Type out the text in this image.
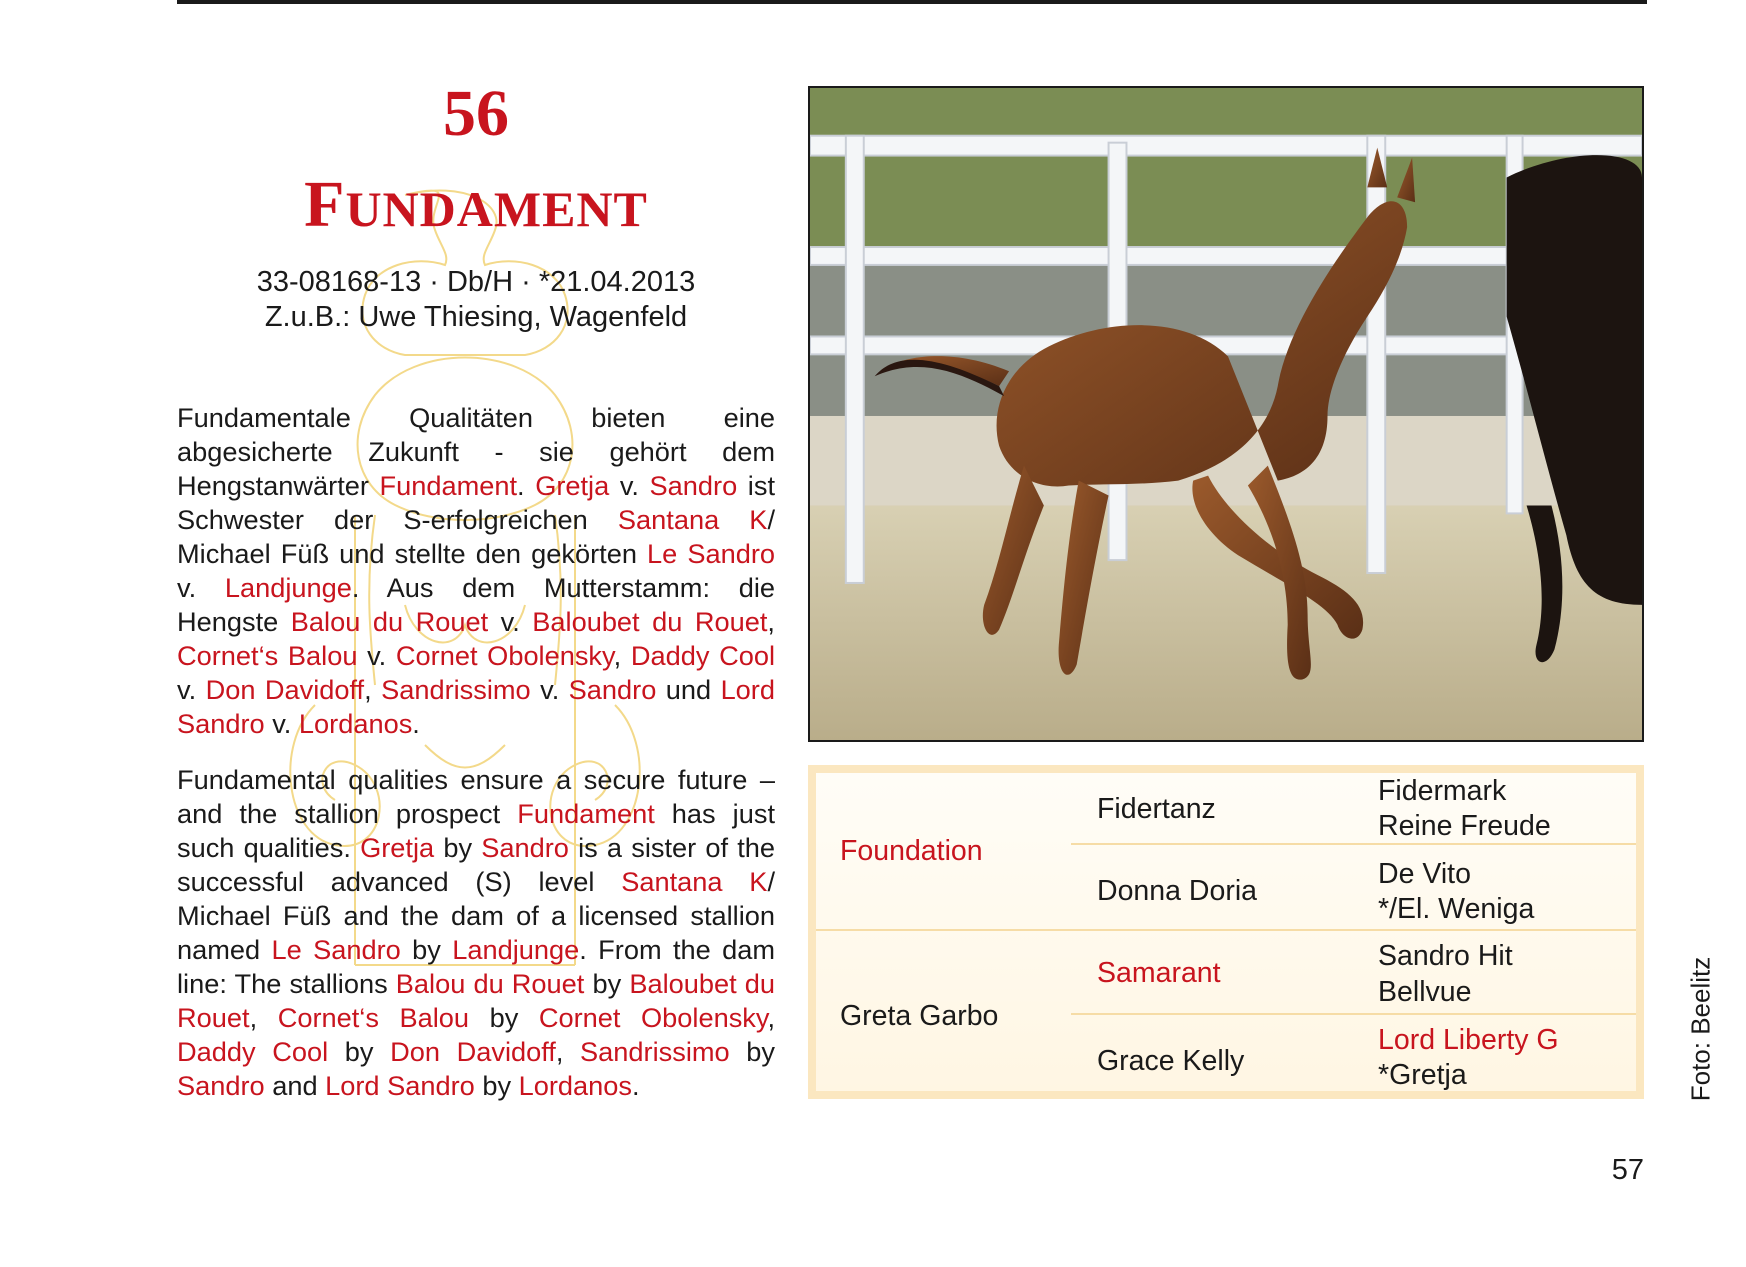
56
FUNDAMENT
33-08168-13 · Db/H · *21.04.2013
Z.u.B.: Uwe Thiesing, Wagenfeld
Fundamentale Qualitäten bieten eine abgesicherte Zukunft - sie gehört dem Hengstanwärter Fundament. Gretja v. Sandro ist Schwester der S-erfolgreichen Santana K/ Michael Füß und stellte den gekörten Le Sandro v. Landjunge. Aus dem Mutterstamm: die Hengste Balou du Rouet v. Baloubet du Rouet, Cornet‘s Balou v. Cornet Obolensky, Daddy Cool v. Don Davidoff, Sandrissimo v. Sandro und Lord Sandro v. Lordanos.
Fundamental qualities ensure a secure future – and the stallion prospect Fundament has just such qualities. Gretja by Sandro is a sister of the successful advanced (S) level Santana K/ Michael Füß and the dam of a licensed stallion named Le Sandro by Landjunge. From the dam line: The stallions Balou du Rouet by Baloubet du Rouet, Cornet‘s Balou by Cornet Obolensky, Daddy Cool by Don Davidoff, Sandrissimo by Sandro and Lord Sandro by Lordanos.
Foundation
Greta Garbo
Fidertanz
Donna Doria
Samarant
Grace Kelly
Fidermark
Reine Freude
De Vito
*/El. Weniga
Sandro Hit
Bellvue
Lord Liberty G
*Gretja	Foto: Beelitz
57
